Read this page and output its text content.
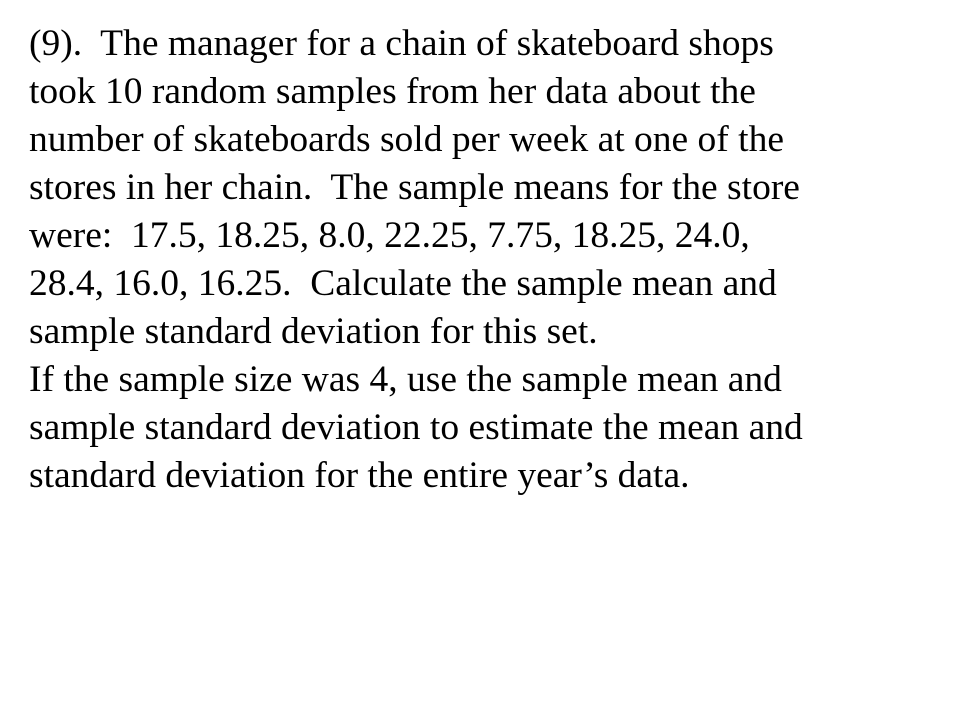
(9).  The manager for a chain of skateboard shops
took 10 random samples from her data about the
number of skateboards sold per week at one of the
stores in her chain.  The sample means for the store
were:  17.5, 18.25, 8.0, 22.25, 7.75, 18.25, 24.0,
28.4, 16.0, 16.25.  Calculate the sample mean and
sample standard deviation for this set.
If the sample size was 4, use the sample mean and
sample standard deviation to estimate the mean and
standard deviation for the entire year’s data.
